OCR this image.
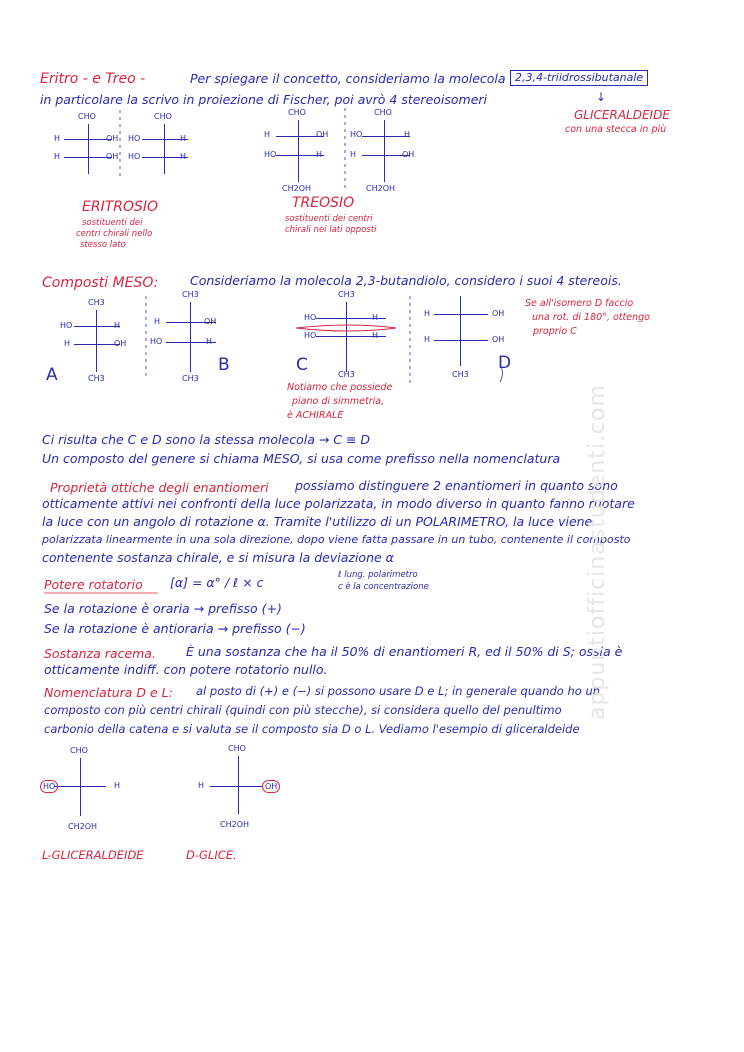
Eritro - e Treo -	Per spiegare il concetto, consideriamo la molecola 2,3,4-triidrossibutanale
in particolare la scrivo in proiezione di Fischer, poi avrò 4 stereoisomeri	↓
GLICERALDEIDE
con una stecca in più
CHO
H	OH
H	OH
CHO
HO	H
HO	H
CHO
H	OH
HO	H
CH2OH
CHO
HO	H
H	OH
CH2OH
ERITROSIO
sostituenti dei
centri chirali nello
stesso lato
TREOSIO
sostituenti dei centri
chirali nei lati opposti
Composti MESO:	Consideriamo la molecola 2,3-butandiolo, considero i suoi 4 stereois.
Se all'isomero D faccio
una rot. di 180°, ottengo
proprio C
CH3
HO	H
H	OH
CH3
A
CH3
H	OH
HO	H
CH3
B
CH3
HO	H
HO	H
CH3
C
H	OH
H	OH
CH3
D
Notiamo che possiede
piano di simmetria,
è ACHIRALE
Ci risulta che C e D sono la stessa molecola → C ≡ D
Un composto del genere si chiama MESO, si usa come prefisso nella nomenclatura
Proprietà ottiche degli enantiomeri possiamo distinguere 2 enantiomeri in quanto sono
otticamente attivi nei confronti della luce polarizzata, in modo diverso in quanto fanno ruotare
la luce con un angolo di rotazione α. Tramite l'utilizzo di un POLARIMETRO, la luce viene
polarizzata linearmente in una sola direzione, dopo viene fatta passare in un tubo, contenente il composto
contenente sostanza chirale, e si misura la deviazione α
Potere rotatorio [α] = α° / ℓ × c	ℓ lung. polarimetro
c è la concentrazione
Se la rotazione è oraria → prefisso (+)
Se la rotazione è antioraria → prefisso (−)
Sostanza racema. È una sostanza che ha il 50% di enantiomeri R, ed il 50% di S; ossia è
otticamente indiff. con potere rotatorio nullo.
Nomenclatura D e L: al posto di (+) e (−) si possono usare D e L; in generale quando ho un
composto con più centri chirali (quindi con più stecche), si considera quello del penultimo
carbonio della catena e si valuta se il composto sia D o L. Vediamo l'esempio di gliceraldeide
CHO
HO	H
CH2OH
CHO
H	OH
CH2OH
L-GLICERALDEIDE	D-GLICE.
appuntiofficinastudenti.com
